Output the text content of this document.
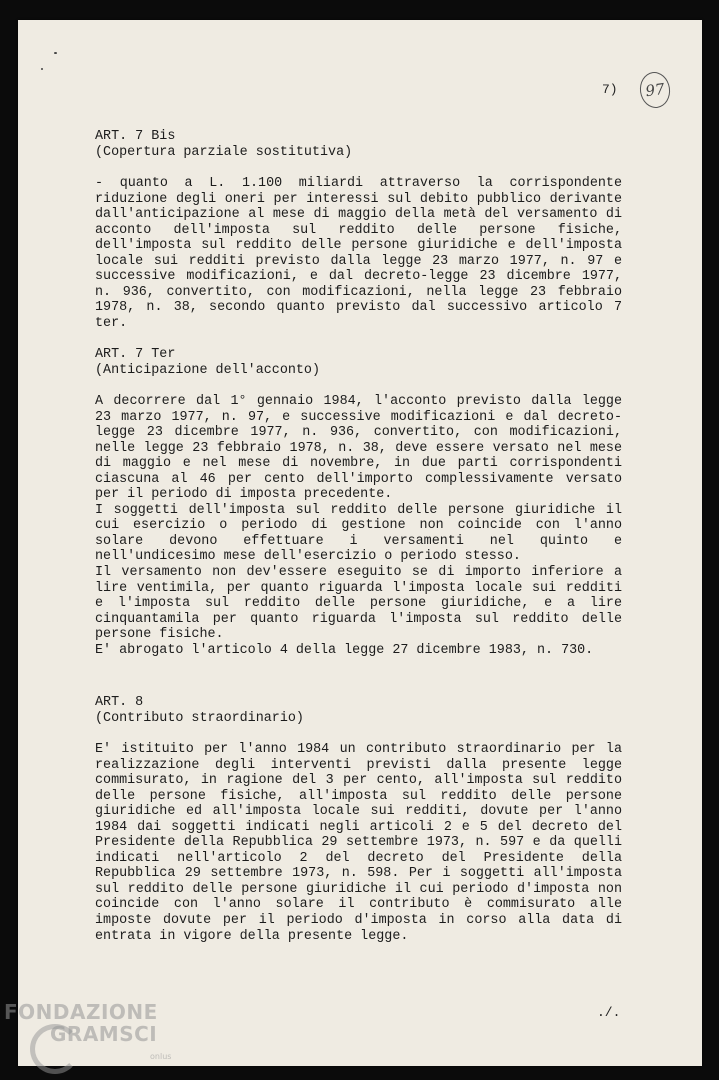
7)	97
ART. 7 Bis
(Copertura parziale sostitutiva)
- quanto a L. 1.100 miliardi attraverso la corrispondente riduzione degli oneri per interessi sul debito pubblico derivante dall'anticipazione al mese di maggio della metà del versamento di acconto dell'imposta sul reddito delle persone fisiche, dell'imposta sul reddito delle persone giuridiche e dell'imposta locale sui redditi previsto dalla legge 23 marzo 1977, n. 97 e successive modificazioni, e dal decreto-legge 23 dicembre 1977, n. 936, convertito, con modificazioni, nella legge 23 febbraio 1978, n. 38, secondo quanto previsto dal successivo articolo 7 ter.
ART. 7 Ter
(Anticipazione dell'acconto)
A decorrere dal 1° gennaio 1984, l'acconto previsto dalla legge 23 marzo 1977, n. 97, e successive modificazioni e dal decreto-legge 23 dicembre 1977, n. 936, convertito, con modificazioni, nelle legge 23 febbraio 1978, n. 38, deve essere versato nel mese di maggio e nel mese di novembre, in due parti corrispondenti ciascuna al 46 per cento dell'importo complessivamente versato per il periodo di imposta precedente.
I soggetti dell'imposta sul reddito delle persone giuridiche il cui esercizio o periodo di gestione non coincide con l'anno solare devono effettuare i versamenti nel quinto e nell'undicesimo mese dell'esercizio o periodo stesso.
Il versamento non dev'essere eseguito se di importo inferiore a lire ventimila, per quanto riguarda l'imposta locale sui redditi e l'imposta sul reddito delle persone giuridiche, e a lire cinquantamila per quanto riguarda l'imposta sul reddito delle persone fisiche.
E' abrogato l'articolo 4 della legge 27 dicembre 1983, n. 730.
ART. 8
(Contributo straordinario)
E' istituito per l'anno 1984 un contributo straordinario per la realizzazione degli interventi previsti dalla presente legge commisurato, in ragione del 3 per cento, all'imposta sul reddito delle persone fisiche, all'imposta sul reddito delle persone giuridiche ed all'imposta locale sui redditi, dovute per l'anno 1984 dai soggetti indicati negli articoli 2 e 5 del decreto del Presidente della Repubblica 29 settembre 1973, n. 597 e da quelli indicati nell'articolo 2 del decreto del Presidente della Repubblica 29 settembre 1973, n. 598. Per i soggetti all'imposta sul reddito delle persone giuridiche il cui periodo d'imposta non coincide con l'anno solare il contributo è commisurato alle imposte dovute per il periodo d'imposta in corso alla data di entrata in vigore della presente legge.
./.
FONDAZIONE
GRAMSCI
onlus
